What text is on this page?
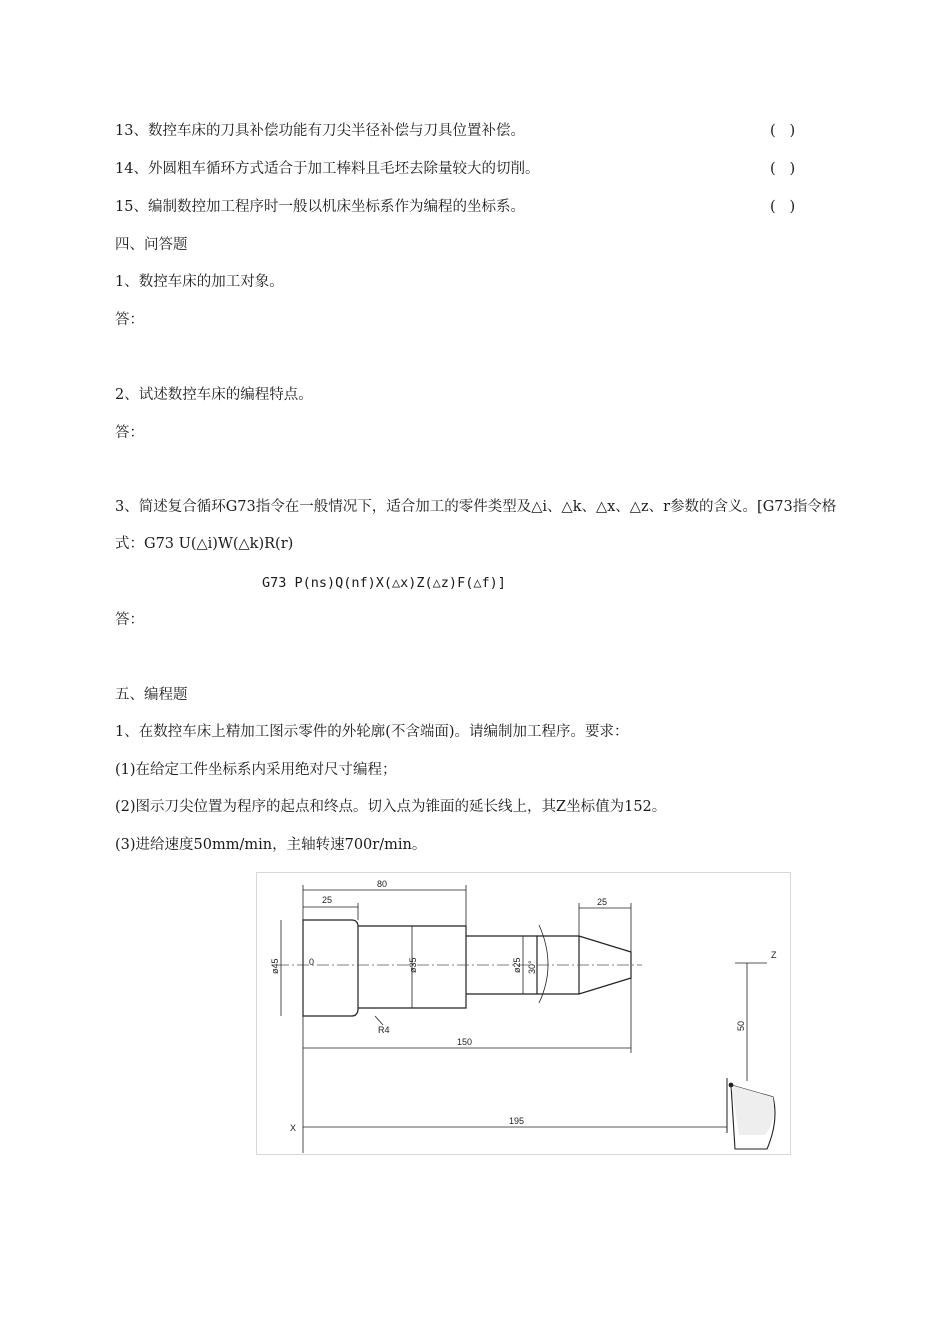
13、数控车床的刀具补偿功能有刀尖半径补偿与刀具位置补偿。	(   )
14、外圆粗车循环方式适合于加工棒料且毛坯去除量较大的切削。	(   )
15、编制数控加工程序时一般以机床坐标系作为编程的坐标系。	(   )
四、问答题
1、数控车床的加工对象。
答：
2、试述数控车床的编程特点。
答：
3、简述复合循环G73指令在一般情况下，适合加工的零件类型及△i、△k、△x、△z、r参数的含义。[G73指令格式：G73 U(△i)W(△k)R(r)
G73 P(ns)Q(nf)X(△x)Z(△z)F(△f)]
答：
五、编程题
1、在数控车床上精加工图示零件的外轮廓(不含端面)。请编制加工程序。要求：
(1)在给定工件坐标系内采用绝对尺寸编程；
(2)图示刀尖位置为程序的起点和终点。切入点为锥面的延长线上，其Z坐标值为152。
(3)进给速度50mm/min，主轴转速700r/min。
80
25	25
0
ø45	ø35	ø25 30°
R4
150
195
50
Z
X
